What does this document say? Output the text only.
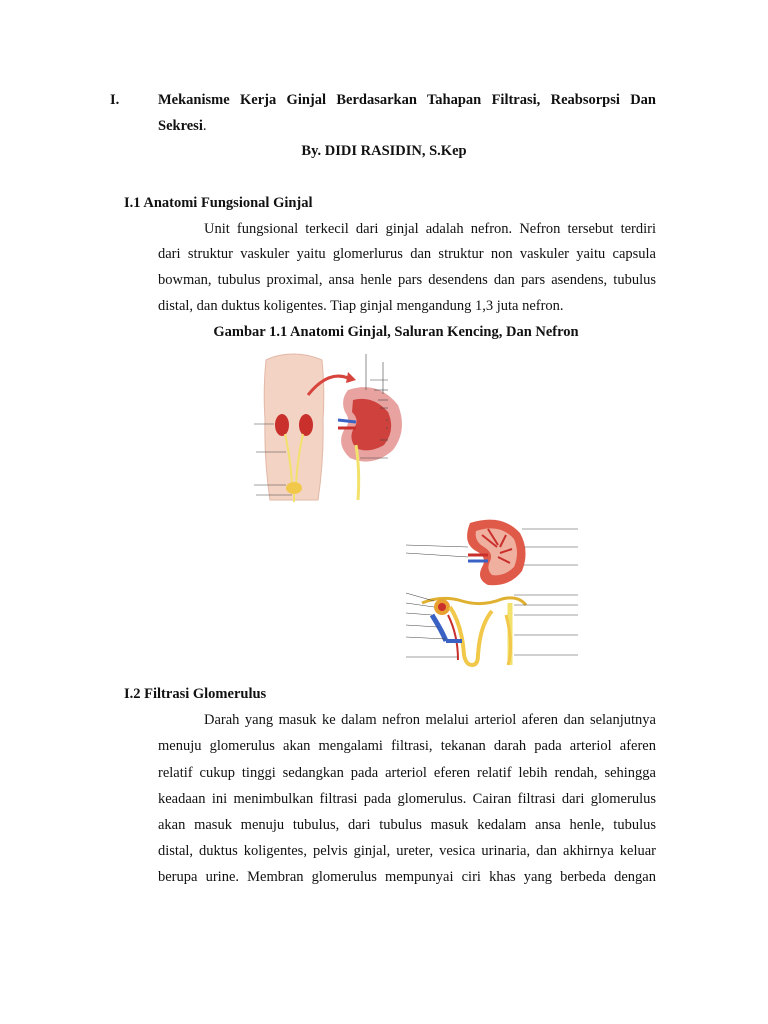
I.	Mekanisme Kerja Ginjal Berdasarkan Tahapan Filtrasi, Reabsorpsi Dan
Sekresi.
By. DIDI RASIDIN, S.Kep
I.1 Anatomi Fungsional Ginjal
Unit fungsional terkecil dari ginjal adalah nefron. Nefron tersebut terdiri
dari struktur vaskuler yaitu glomerlurus dan struktur non vaskuler yaitu capsula
bowman, tubulus proximal, ansa henle pars desendens dan pars asendens, tubulus
distal, dan duktus koligentes. Tiap ginjal mengandung 1,3 juta nefron.
Gambar 1.1 Anatomi Ginjal, Saluran Kencing, Dan Nefron
I.2 Filtrasi Glomerulus
Darah yang masuk ke dalam nefron melalui arteriol aferen dan selanjutnya
menuju glomerulus akan mengalami filtrasi, tekanan darah pada arteriol aferen
relatif cukup tinggi sedangkan pada arteriol eferen relatif lebih rendah, sehingga
keadaan ini menimbulkan filtrasi pada glomerulus. Cairan filtrasi dari glomerulus
akan masuk menuju tubulus, dari tubulus masuk kedalam ansa henle, tubulus
distal, duktus koligentes, pelvis ginjal, ureter, vesica urinaria, dan akhirnya keluar
berupa urine. Membran glomerulus mempunyai ciri khas yang berbeda dengan
